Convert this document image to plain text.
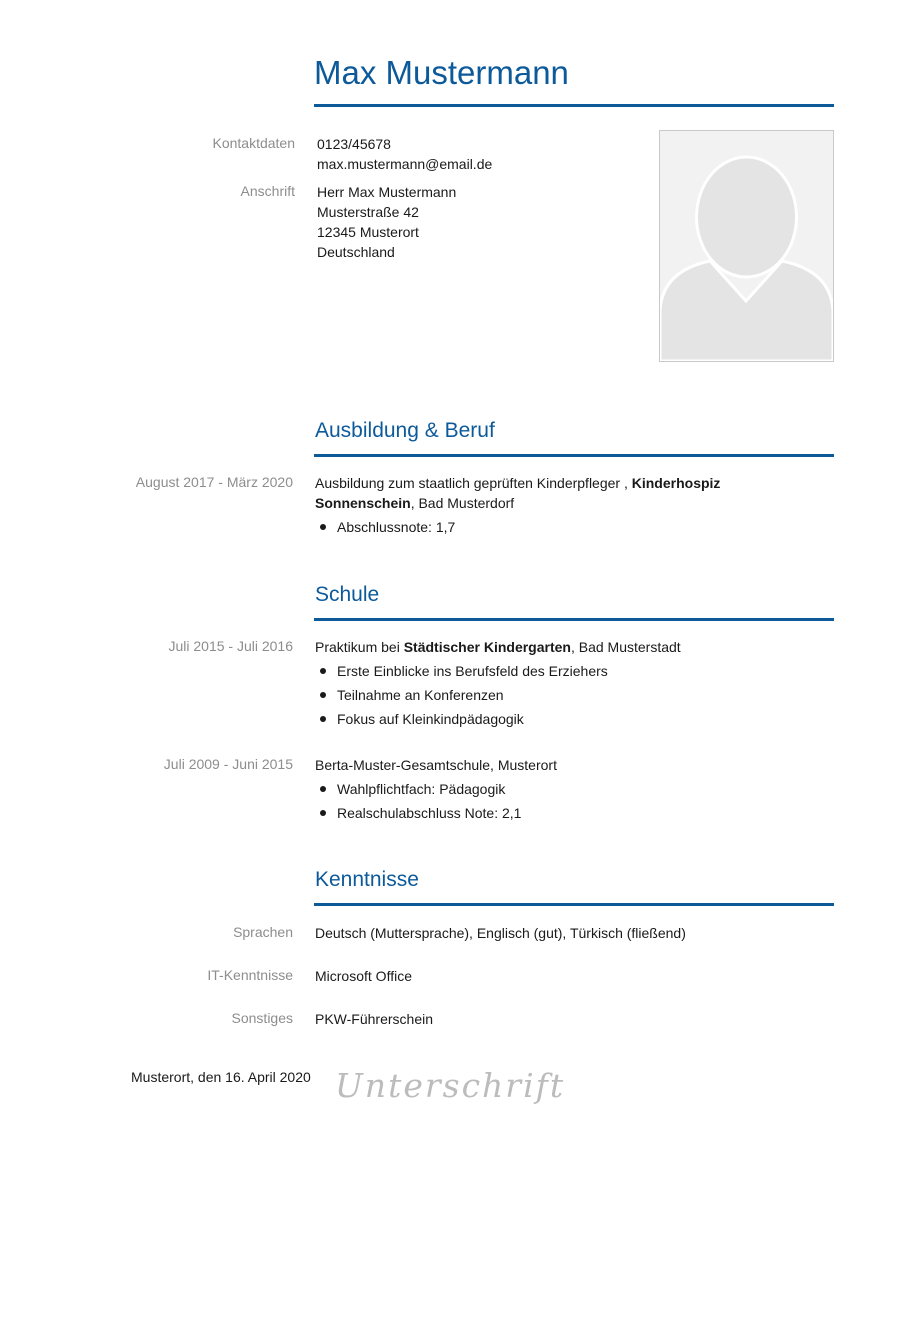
Max Mustermann
Kontaktdaten 0123/45678
max.mustermann@email.de
Anschrift Herr Max Mustermann
Musterstraße 42
12345 Musterort
Deutschland
Ausbildung & Beruf
August 2017 - März 2020 Ausbildung zum staatlich geprüften Kinderpfleger , Kinderhospiz
Sonnenschein, Bad Musterdorf
Abschlussnote: 1,7
Schule
Juli 2015 - Juli 2016 Praktikum bei Städtischer Kindergarten, Bad Musterstadt
Erste Einblicke ins Berufsfeld des Erziehers
Teilnahme an Konferenzen
Fokus auf Kleinkindpädagogik
Juli 2009 - Juni 2015 Berta-Muster-Gesamtschule, Musterort
Wahlpflichtfach: Pädagogik
Realschulabschluss Note: 2,1
Kenntnisse
Sprachen Deutsch (Muttersprache), Englisch (gut), Türkisch (fließend)
IT-Kenntnisse Microsoft Office
Sonstiges PKW-Führerschein
Musterort, den 16. April 2020 Unterschrift
